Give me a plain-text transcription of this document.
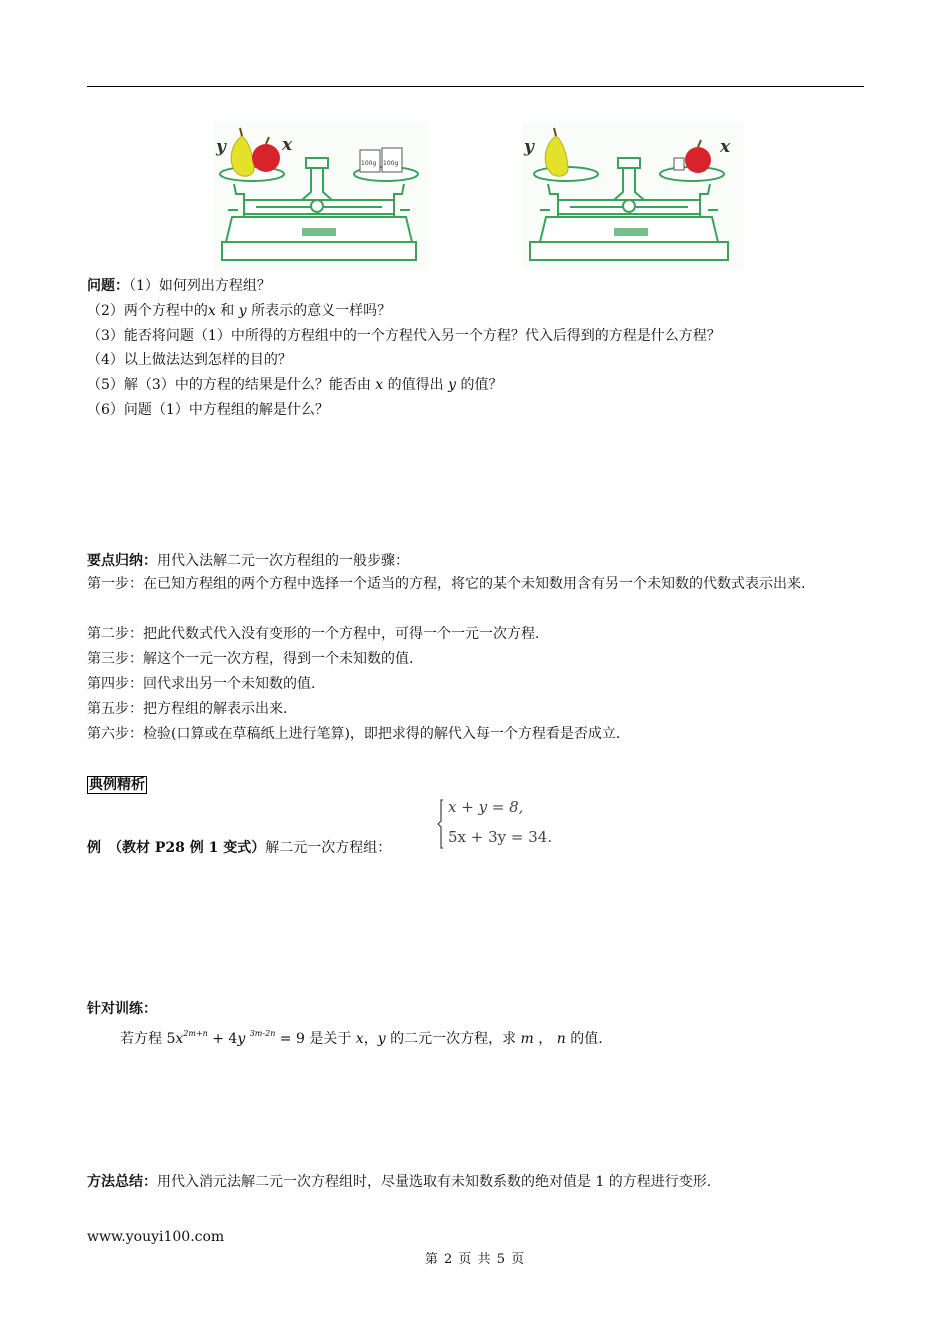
100g 100g
y	x	y	x
问题：（1）如何列出方程组？
（2）两个方程中的x 和 y 所表示的意义一样吗？
（3）能否将问题（1）中所得的方程组中的一个方程代入另一个方程？代入后得到的方程是什么方程？
（4）以上做法达到怎样的目的？
（5）解（3）中的方程的结果是什么？能否由 x 的值得出 y 的值？
（6）问题（1）中方程组的解是什么？
要点归纳：用代入法解二元一次方程组的一般步骤：
第一步：在已知方程组的两个方程中选择一个适当的方程，将它的某个未知数用含有另一个未知数的代数式表示出来.
第二步：把此代数式代入没有变形的一个方程中，可得一个一元一次方程.
第三步：解这个一元一次方程，得到一个未知数的值.
第四步：回代求出另一个未知数的值.
第五步：把方程组的解表示出来.
第六步：检验(口算或在草稿纸上进行笔算)，即把求得的解代入每一个方程看是否成立.
典例精析
例　（教材 P28 例 1 变式）解二元一次方程组：
x + y = 8,
5x + 3y = 34.
针对训练：
若方程 $5x^{2m+n} + 4y$ $^{3m-2n}$ = 9 是关于 x，y 的二元一次方程，求 m ， n 的值.
方法总结：用代入消元法解二元一次方程组时，尽量选取有未知数系数的绝对值是 1 的方程进行变形.
www.youyi100.com
第 2 页 共 5 页
